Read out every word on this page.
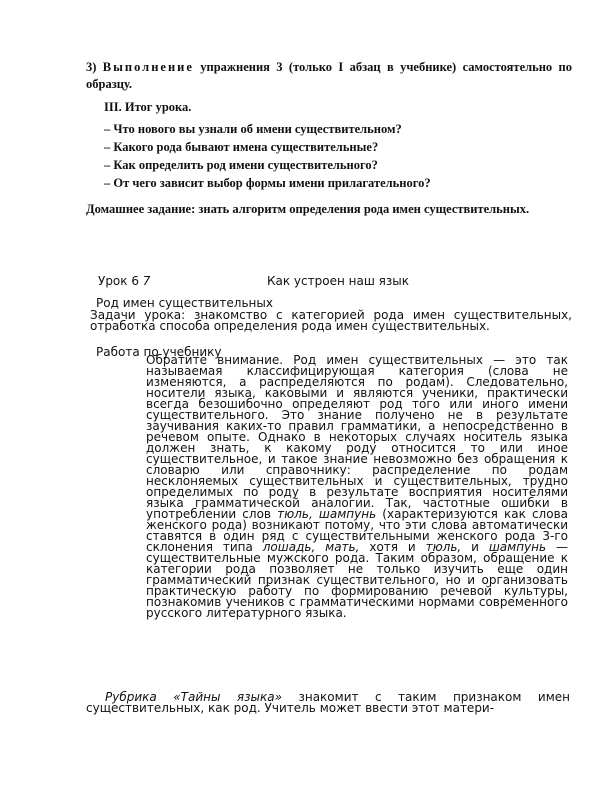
3) Выполнение упражнения 3 (только I абзац в учебнике) самостоятельно по образцу.
III. Итог урока.
– Что нового вы узнали об имени существительном?
– Какого рода бывают имена существительные?
– Как определить род имени существительного?
– От чего зависит выбор формы имени прилагательного?
Домашнее задание: знать алгоритм определения рода имен существительных.
Урок 6 7	Как устроен наш язык
Род имен существительных
Задачи урока: знакомство с категорией рода имен существительных, отработка способа определения рода имен существительных.
Работа по учебнику
Обратите внимание. Род имен существительных — это так называемая классифицирующая категория (слова не изменяются, а распределяются по родам). Следовательно, носители языка, каковыми и являются ученики, практически всегда безошибочно определяют род того или иного имени существительного. Это знание получено не в результате заучивания каких-то правил грамматики, а непосредственно в речевом опыте. Однако в некоторых случаях носитель языка должен знать, к какому роду относится то или иное существительное, и такое знание невозможно без обращения к словарю или справочнику: распределение по родам несклоняемых существительных и существительных, трудно определимых по роду в результате восприятия носителями языка грамматической аналогии. Так, частотные ошибки в употреблении слов тюль, шампунь (характеризуются как слова женского рода) возникают потому, что эти слова автоматически ставятся в один ряд с существительными женского рода 3-го склонения типа лошадь, мать, хотя и тюль, и шампунь — существительные мужского рода. Таким образом, обращение к категории рода позволяет не только изучить еще один грамматический признак существительного, но и организовать практическую работу по формированию речевой культуры, познакомив учеников с грамматическими нормами современного русского литературного языка.
Рубрика «Тайны языка» знакомит с таким признаком имен существительных, как род. Учитель может ввести этот матери-
